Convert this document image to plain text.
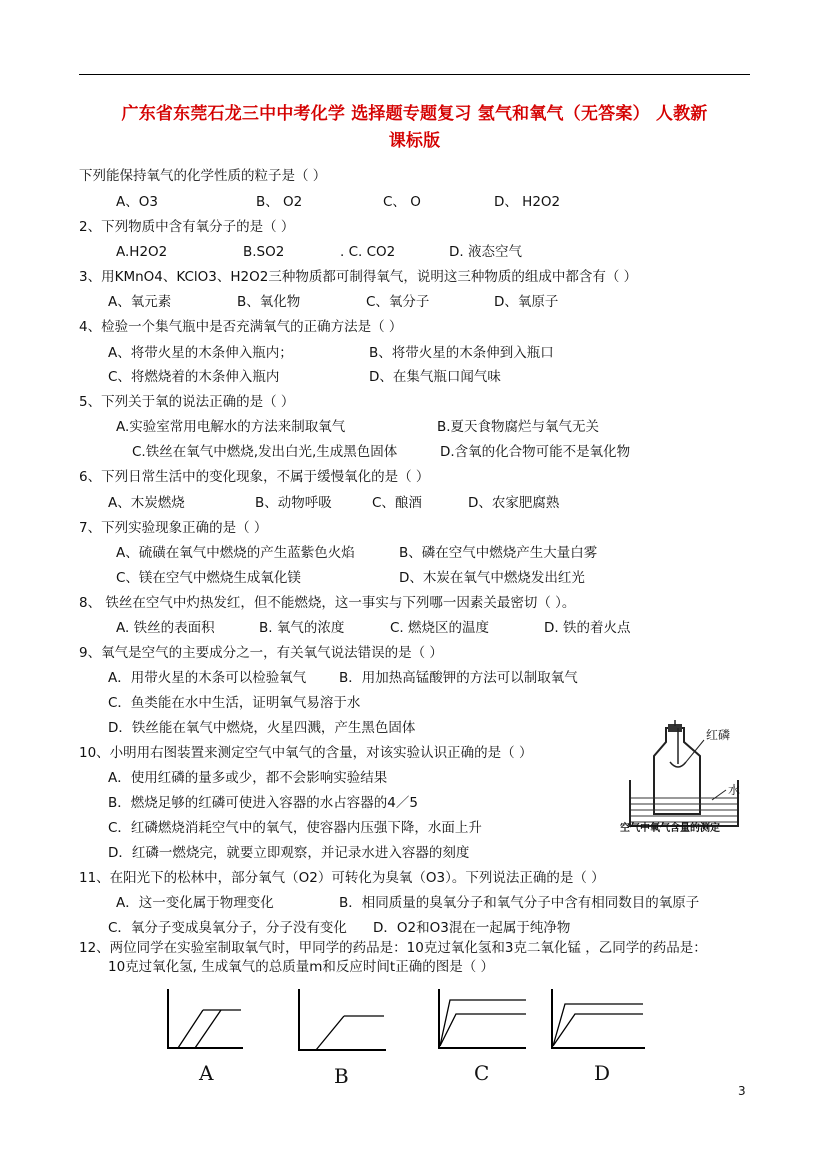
广东省东莞石龙三中中考化学 选择题专题复习 氢气和氧气（无答案） 人教新
课标版
下列能保持氧气的化学性质的粒子是（ ）
A、O3	B、 O2	C、 O	D、 H2O2
2、下列物质中含有氧分子的是（ ）
A.H2O2	B.SO2	. C. CO2	D. 液态空气
3、用KMnO4、KClO3、H2O2三种物质都可制得氧气，说明这三种物质的组成中都含有（ ）
A、氧元素	B、氧化物	C、氧分子	D、氧原子
4、检验一个集气瓶中是否充满氧气的正确方法是（ ）
A、将带火星的木条伸入瓶内；	B、将带火星的木条伸到入瓶口
C、将燃烧着的木条伸入瓶内	D、在集气瓶口闻气味
5、下列关于氧的说法正确的是（ ）
A.实验室常用电解水的方法来制取氧气	B.夏天食物腐烂与氧气无关
C.铁丝在氧气中燃烧,发出白光,生成黑色固体	D.含氧的化合物可能不是氧化物
6、下列日常生活中的变化现象，不属于缓慢氧化的是（ ）
A、木炭燃烧	B、动物呼吸	C、酿酒	D、农家肥腐熟
7、下列实验现象正确的是（ ）
A、硫磺在氧气中燃烧的产生蓝紫色火焰	B、磷在空气中燃烧产生大量白雾
C、镁在空气中燃烧生成氧化镁	D、木炭在氧气中燃烧发出红光
8、 铁丝在空气中灼热发红，但不能燃烧，这一事实与下列哪一因素关最密切（ ）。
A. 铁丝的表面积	B. 氧气的浓度	C. 燃烧区的温度	D. 铁的着火点
9、氧气是空气的主要成分之一，有关氧气说法错误的是（ ）
A．用带火星的木条可以检验氧气 B．用加热高锰酸钾的方法可以制取氧气
C．鱼类能在水中生活，证明氧气易溶于水
D．铁丝能在氧气中燃烧，火星四溅，产生黑色固体
10、小明用右图装置来测定空气中氧气的含量，对该实验认识正确的是（ ）
A．使用红磷的量多或少，都不会影响实验结果
B．燃烧足够的红磷可使进入容器的水占容器的4／5
C．红磷燃烧消耗空气中的氧气，使容器内压强下降，水面上升
D．红磷一燃烧完，就要立即观察，并记录水进入容器的刻度
红磷
水
空气中氧气含量的测定
11、在阳光下的松林中，部分氧气（O2）可转化为臭氧（O3）。下列说法正确的是（ ）
A．这一变化属于物理变化	B．相同质量的臭氧分子和氧气分子中含有相同数目的氧原子
C．氧分子变成臭氧分子，分子没有变化 D．O2和O3混在一起属于纯净物
12、两位同学在实验室制取氧气时，甲同学的药品是：10克过氧化氢和3克二氧化锰 ，乙同学的药品是：
10克过氧化氢, 生成氧气的总质量m和反应时间t正确的图是（ ）
A	B	C	D
3
